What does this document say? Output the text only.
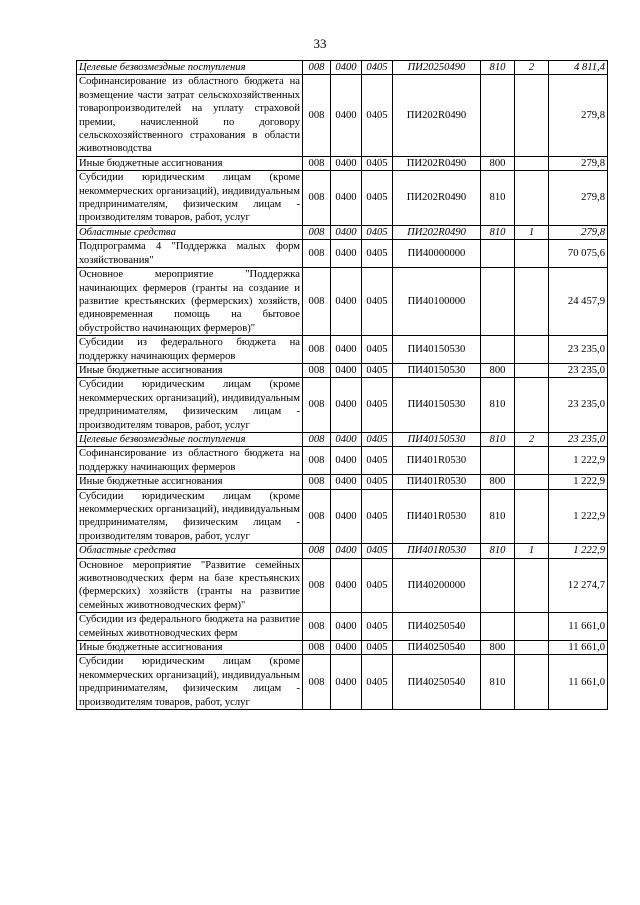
33
Целевые безвозмездные поступления	008	0400	0405	ПИ20250490	810	2	4 811,4
Софинансирование из областного бюджета на возмещение части затрат сельскохозяйственных товаропроизводителей на уплату страховой премии, начисленной по договору сельскохозяйственного страхования в области животноводства	008	0400	0405	ПИ202R0490			279,8
Иные бюджетные ассигнования	008	0400	0405	ПИ202R0490	800		279,8
Субсидии юридическим лицам (кроме некоммерческих организаций), индивидуальным предпринимателям, физическим лицам - производителям товаров, работ, услуг	008	0400	0405	ПИ202R0490	810		279,8
Областные средства	008	0400	0405	ПИ202R0490	810	1	279,8
Подпрограмма 4 "Поддержка малых форм хозяйствования"	008	0400	0405	ПИ40000000			70 075,6
Основное мероприятие "Поддержка начинающих фермеров (гранты на создание и развитие крестьянских (фермерских) хозяйств, единовременная помощь на бытовое обустройство начинающих фермеров)"	008	0400	0405	ПИ40100000			24 457,9
Субсидии из федерального бюджета на поддержку начинающих фермеров	008	0400	0405	ПИ40150530			23 235,0
Иные бюджетные ассигнования	008	0400	0405	ПИ40150530	800		23 235,0
Субсидии юридическим лицам (кроме некоммерческих организаций), индивидуальным предпринимателям, физическим лицам - производителям товаров, работ, услуг	008	0400	0405	ПИ40150530	810		23 235,0
Целевые безвозмездные поступления	008	0400	0405	ПИ40150530	810	2	23 235,0
Софинансирование из областного бюджета на поддержку начинающих фермеров	008	0400	0405	ПИ401R0530			1 222,9
Иные бюджетные ассигнования	008	0400	0405	ПИ401R0530	800		1 222,9
Субсидии юридическим лицам (кроме некоммерческих организаций), индивидуальным предпринимателям, физическим лицам - производителям товаров, работ, услуг	008	0400	0405	ПИ401R0530	810		1 222,9
Областные средства	008	0400	0405	ПИ401R0530	810	1	1 222,9
Основное мероприятие "Развитие семейных животноводческих ферм на базе крестьянских (фермерских) хозяйств (гранты на развитие семейных животноводческих ферм)"	008	0400	0405	ПИ40200000			12 274,7
Субсидии из федерального бюджета на развитие семейных животноводческих ферм	008	0400	0405	ПИ40250540			11 661,0
Иные бюджетные ассигнования	008	0400	0405	ПИ40250540	800		11 661,0
Субсидии юридическим лицам (кроме некоммерческих организаций), индивидуальным предпринимателям, физическим лицам - производителям товаров, работ, услуг	008	0400	0405	ПИ40250540	810		11 661,0
